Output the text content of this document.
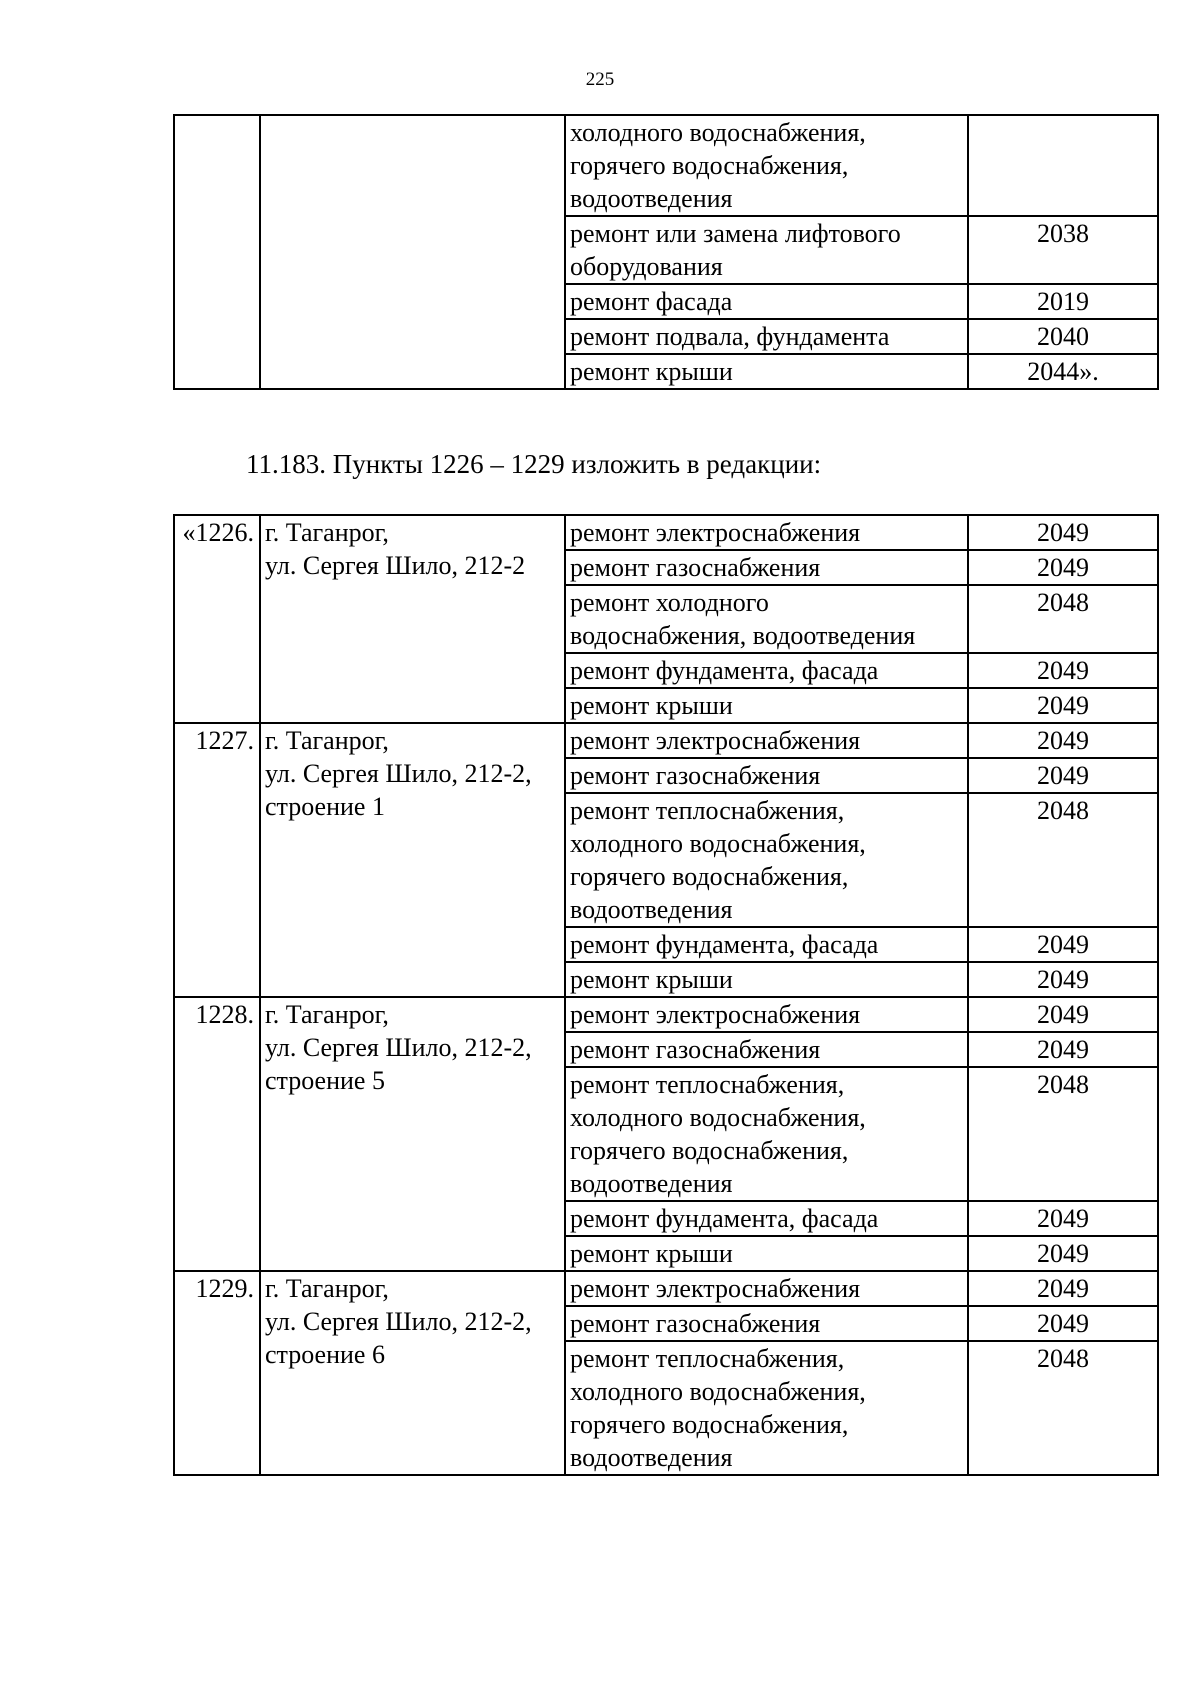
225
		холодного водоснабжения,
горячего водоснабжения,
водоотведения	
		ремонт или замена лифтового
оборудования	2038
		ремонт фасада	2019
		ремонт подвала, фундамента	2040
		ремонт крыши	2044».
11.183. Пункты 1226 – 1229 изложить в редакции:
«1226.	г. Таганрог,
ул. Сергея Шило, 212-2	ремонт электроснабжения	2049
		ремонт газоснабжения	2049
		ремонт холодного
водоснабжения, водоотведения	2048
		ремонт фундамента, фасада	2049
		ремонт крыши	2049
1227.	г. Таганрог,
ул. Сергея Шило, 212-2,
строение 1	ремонт электроснабжения	2049
		ремонт газоснабжения	2049
		ремонт теплоснабжения,
холодного водоснабжения,
горячего водоснабжения,
водоотведения	2048
		ремонт фундамента, фасада	2049
		ремонт крыши	2049
1228.	г. Таганрог,
ул. Сергея Шило, 212-2,
строение 5	ремонт электроснабжения	2049
		ремонт газоснабжения	2049
		ремонт теплоснабжения,
холодного водоснабжения,
горячего водоснабжения,
водоотведения	2048
		ремонт фундамента, фасада	2049
		ремонт крыши	2049
1229.	г. Таганрог,
ул. Сергея Шило, 212-2,
строение 6	ремонт электроснабжения	2049
		ремонт газоснабжения	2049
		ремонт теплоснабжения,
холодного водоснабжения,
горячего водоснабжения,
водоотведения	2048
